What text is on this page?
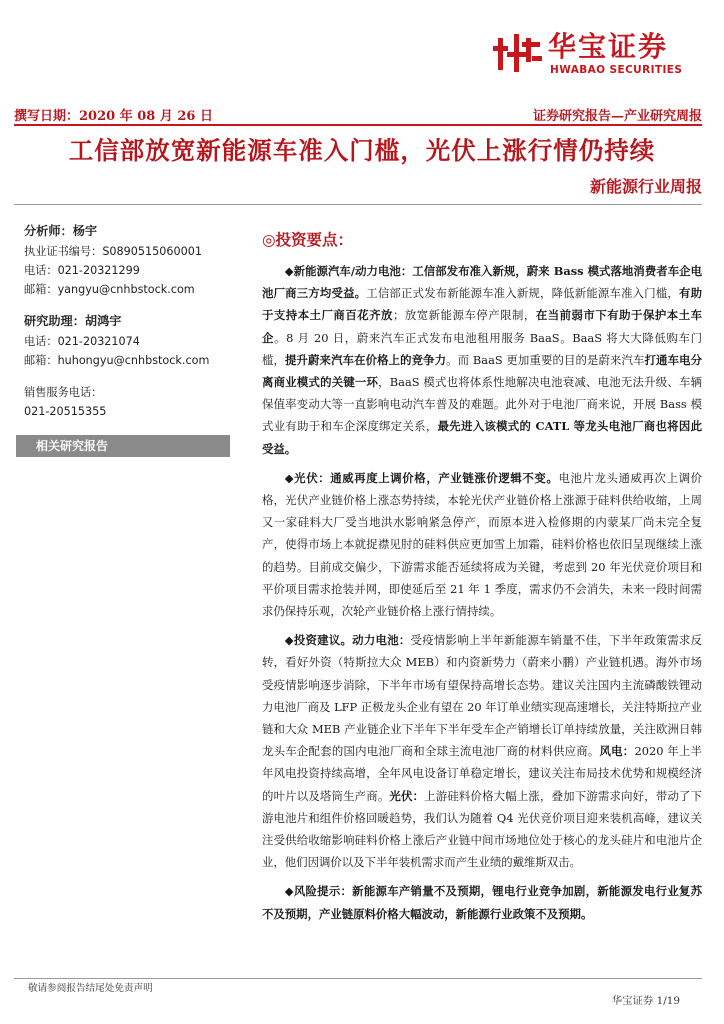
华宝证券
HWABAO SECURITIES
撰写日期：2020 年 08 月 26 日	证券研究报告—产业研究周报
工信部放宽新能源车准入门槛，光伏上涨行情仍持续
新能源行业周报
分析师：杨宇
执业证书编号：S0890515060001
电话：021-20321299
邮箱：yangyu@cnhbstock.com
研究助理：胡鸿宇
电话：021-20321074
邮箱：huhongyu@cnhbstock.com
销售服务电话：
021-20515355
相关研究报告
◎投资要点：

◆新能源汽车/动力电池：工信部发布准入新规，蔚来 Bass 模式落地消费者车企电池厂商三方均受益。工信部正式发布新能源车准入新规，降低新能源车准入门槛，有助于支持本土厂商百花齐放；放宽新能源车停产限制，在当前弱市下有助于保护本土车企。8 月 20 日，蔚来汽车正式发布电池租用服务 BaaS。BaaS 将大大降低购车门槛，提升蔚来汽车在价格上的竞争力。而 BaaS 更加重要的目的是蔚来汽车打通车电分离商业模式的关键一环，BaaS 模式也将体系性地解决电池衰减、电池无法升级、车辆保值率变动大等一直影响电动汽车普及的难题。此外对于电池厂商来说，开展 Bass 模式业有助于和车企深度绑定关系，最先进入该模式的 CATL 等龙头电池厂商也将因此受益。

◆光伏：通威再度上调价格，产业链涨价逻辑不变。电池片龙头通威再次上调价格，光伏产业链价格上涨态势持续，本轮光伏产业链价格上涨源于硅料供给收缩，上周又一家硅料大厂受当地洪水影响紧急停产，而原本进入检修期的内蒙某厂尚未完全复产，使得市场上本就捉襟见肘的硅料供应更加雪上加霜，硅料价格也依旧呈现继续上涨的趋势。目前成交偏少，下游需求能否延续将成为关键，考虑到 20 年光伏竞价项目和平价项目需求抢装并网，即使延后至 21 年 1 季度，需求仍不会消失，未来一段时间需求仍保持乐观，次轮产业链价格上涨行情持续。

◆投资建议。动力电池：受疫情影响上半年新能源车销量不佳，下半年政策需求反转，看好外资（特斯拉大众 MEB）和内资新势力（蔚来小鹏）产业链机遇。海外市场受疫情影响逐步消除，下半年市场有望保持高增长态势。建议关注国内主流磷酸铁锂动力电池厂商及 LFP 正极龙头企业有望在 20 年订单业绩实现高速增长，关注特斯拉产业链和大众 MEB 产业链企业下半年下半年受车企产销增长订单持续放量，关注欧洲日韩龙头车企配套的国内电池厂商和全球主流电池厂商的材料供应商。风电：2020 年上半年风电投资持续高增，全年风电设备订单稳定增长，建议关注布局技术优势和规模经济的叶片以及塔筒生产商。光伏：上游硅料价格大幅上涨，叠加下游需求向好，带动了下游电池片和组件价格回暖趋势，我们认为随着 Q4 光伏竞价项目迎来装机高峰，建议关注受供给收缩影响硅料价格上涨后产业链中间市场地位处于核心的龙头硅片和电池片企业，他们因调价以及下半年装机需求而产生业绩的戴维斯双击。

◆风险提示：新能源车产销量不及预期，锂电行业竞争加剧，新能源发电行业复苏不及预期，产业链原料价格大幅波动，新能源行业政策不及预期。

敬请参阅报告结尾处免责声明
华宝证券 1/19
